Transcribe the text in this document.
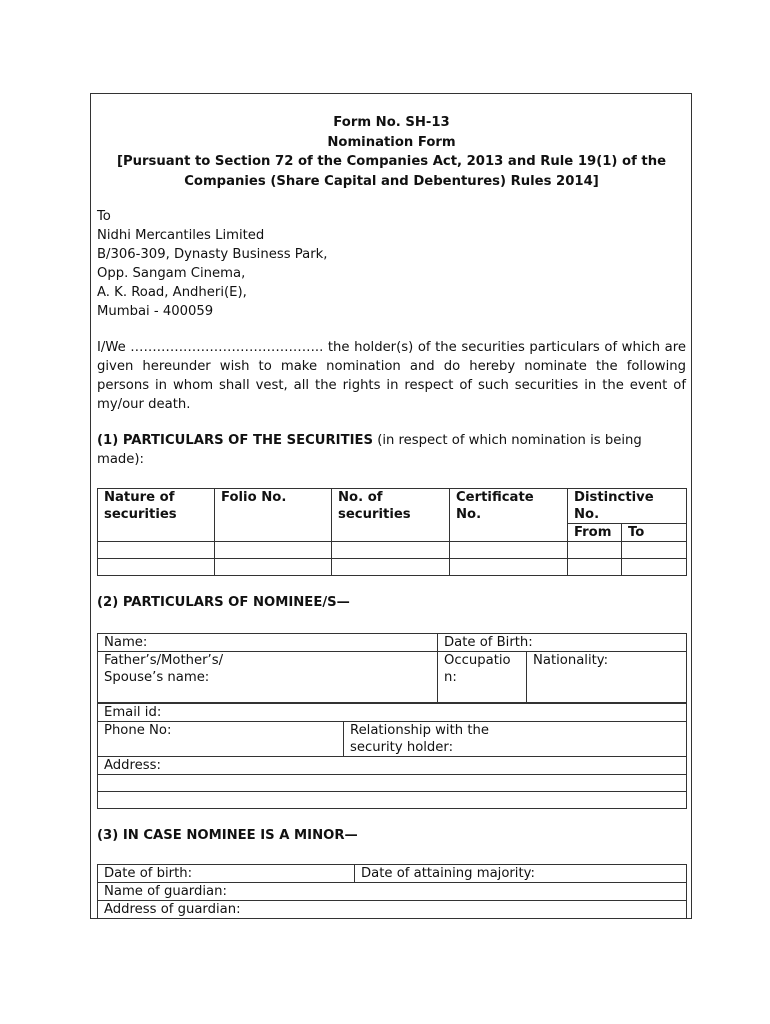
Form No. SH-13
Nomination Form
[Pursuant to Section 72 of the Companies Act, 2013 and Rule 19(1) of the
Companies (Share Capital and Debentures) Rules 2014]
To
Nidhi Mercantiles Limited
B/306-309, Dynasty Business Park,
Opp. Sangam Cinema,
A. K. Road, Andheri(E),
Mumbai - 400059
I/We …………………………………….. the holder(s) of the securities particulars of which are given hereunder wish to make nomination and do hereby nominate the following persons in whom shall vest, all the rights in respect of such securities in the event of my/our death.
(1) PARTICULARS OF THE SECURITIES (in respect of which nomination is being made):
Nature of securities	Folio No.	No. of securities	Certificate No.	Distinctive No.	
				From	To

(2) PARTICULARS OF NOMINEE/S—
Name:	Date of Birth:	
Father’s/Mother’s/ Spouse’s name:	Occupation:	Nationality:
Email id:
Phone No:	Relationship with the security holder:
Address:

(3) IN CASE NOMINEE IS A MINOR—
Date of birth:	Date of attaining majority:
Name of guardian:
Address of guardian:
